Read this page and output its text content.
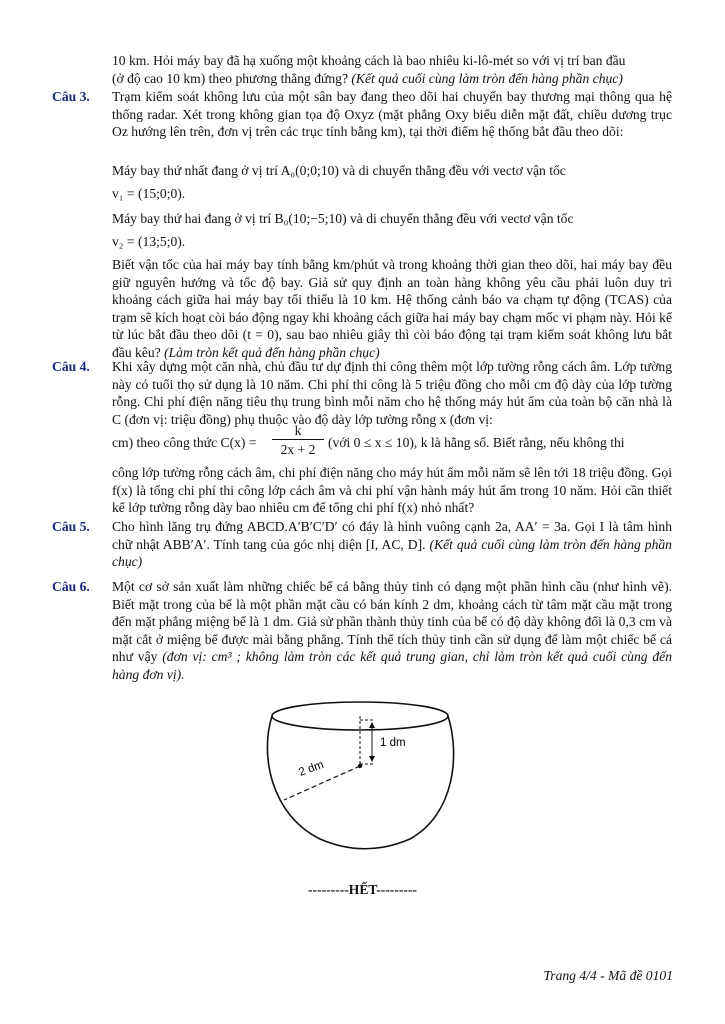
10 km. Hỏi máy bay đã hạ xuống một khoảng cách là bao nhiêu ki-lô-mét so với vị trí ban đầu
(ở độ cao 10 km) theo phương thẳng đứng? (Kết quả cuối cùng làm tròn đến hàng phần chục)
Câu 3. Trạm kiểm soát không lưu của một sân bay đang theo dõi hai chuyến bay thương mại thông qua hệ thống radar. Xét trong không gian tọa độ Oxyz (mặt phẳng Oxy biểu diễn mặt đất, chiều dương trục Oz hướng lên trên, đơn vị trên các trục tính bằng km), tại thời điểm hệ thống bắt đầu theo dõi:
Máy bay thứ nhất đang ở vị trí A₀(0;0;10) và di chuyển thẳng đều với vectơ vận tốc
v₁ = (15;0;0).
Máy bay thứ hai đang ở vị trí B₀(10;−5;10) và di chuyển thẳng đều với vectơ vận tốc
v₂ = (13;5;0).
Biết vận tốc của hai máy bay tính bằng km/phút và trong khoảng thời gian theo dõi, hai máy bay đều giữ nguyên hướng và tốc độ bay. Giả sử quy định an toàn hàng không yêu cầu phải luôn duy trì khoảng cách giữa hai máy bay tối thiểu là 10 km. Hệ thống cảnh báo va chạm tự động (TCAS) của trạm sẽ kích hoạt còi báo động ngay khi khoảng cách giữa hai máy bay chạm mốc vi phạm này. Hỏi kể từ lúc bắt đầu theo dõi (t = 0), sau bao nhiêu giây thì còi báo động tại trạm kiểm soát không lưu bắt đầu kêu? (Làm tròn kết quả đến hàng phần chục)
Câu 4. Khi xây dựng một căn nhà, chủ đầu tư dự định thi công thêm một lớp tường rỗng cách âm. Lớp tường này có tuổi thọ sử dụng là 10 năm. Chi phí thi công là 5 triệu đồng cho mỗi cm độ dày của lớp tường rỗng. Chi phí điện năng tiêu thụ trung bình mỗi năm cho hệ thống máy hút ẩm của toàn bộ căn nhà là C (đơn vị: triệu đồng) phụ thuộc vào độ dày lớp tường rỗng x (đơn vị:
cm) theo công thức $C(x) = \frac{k}{2x + 2}$ (với 0 ≤ x ≤ 10), k là hằng số. Biết rằng, nếu không thi
công lớp tường rỗng cách âm, chi phí điện năng cho máy hút ẩm mỗi năm sẽ lên tới 18 triệu đồng. Gọi f(x) là tổng chi phí thi công lớp cách âm và chi phí vận hành máy hút ẩm trong 10 năm. Hỏi cần thiết kế lớp tường rỗng dày bao nhiêu cm để tổng chi phí f(x) nhỏ nhất?
Câu 5. Cho hình lăng trụ đứng ABCD.A′B′C′D′ có đáy là hình vuông cạnh 2a, AA′ = 3a. Gọi I là tâm hình chữ nhật ABB′A′. Tính tang của góc nhị diện [I, AC, D]. (Kết quả cuối cùng làm tròn đến hàng phần chục)
Câu 6. Một cơ sở sản xuất làm những chiếc bể cá bằng thủy tinh có dạng một phần hình cầu (như hình vẽ). Biết mặt trong của bể là một phần mặt cầu có bán kính 2 dm, khoảng cách từ tâm mặt cầu mặt trong đến mặt phẳng miệng bể là 1 dm. Giả sử phần thành thủy tinh của bể có độ dày không đổi là 0,3 cm và mặt cắt ở miệng bể được mài bằng phẳng. Tính thể tích thủy tinh cần sử dụng để làm một chiếc bể cá như vậy (đơn vị: cm³ ; không làm tròn các kết quả trung gian, chỉ làm tròn kết quả cuối cùng đến hàng đơn vị).
2 dm
1 dm
---------HẾT---------
Trang 4/4 - Mã đề 0101
